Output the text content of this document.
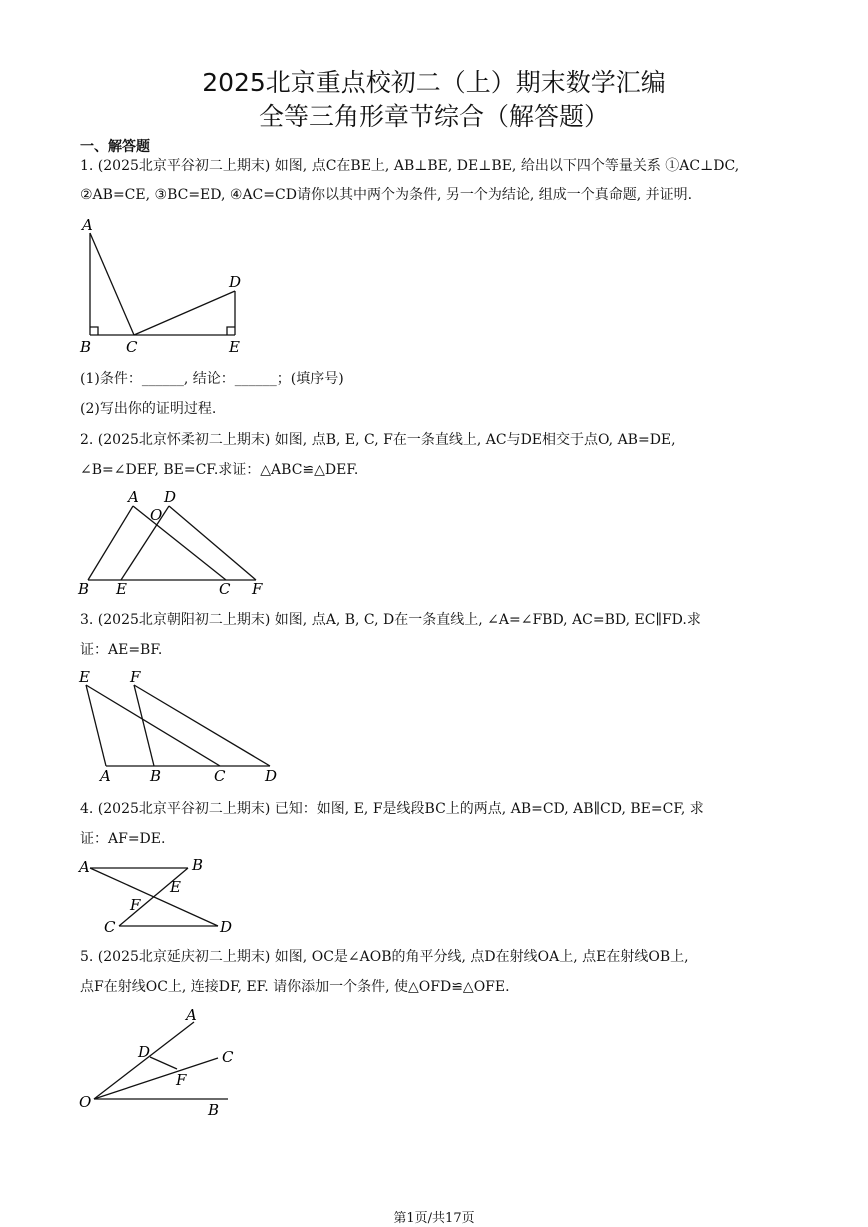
2025北京重点校初二（上）期末数学汇编
全等三角形章节综合（解答题）
一、解答题
1. (2025北京平谷初二上期末) 如图, 点C在BE上, AB⊥BE, DE⊥BE, 给出以下四个等量关系 ①AC⊥DC,
②AB=CE, ③BC=ED, ④AC=CD请你以其中两个为条件, 另一个为结论, 组成一个真命题, 并证明.
A
B C
D
E
(1)条件：______, 结论：______；(填序号)
(2)写出你的证明过程.
2. (2025北京怀柔初二上期末) 如图, 点B, E, C, F在一条直线上, AC与DE相交于点O, AB=DE,
∠B=∠DEF, BE=CF.求证：△ABC≌△DEF.
A D
O
B E	C F
3. (2025北京朝阳初二上期末) 如图, 点A, B, C, D在一条直线上, ∠A=∠FBD, AC=BD, EC∥FD.求
证：AE=BF.
E	F
A	B	C	D
4. (2025北京平谷初二上期末) 已知：如图, E, F是线段BC上的两点, AB=CD, AB∥CD, BE=CF, 求
证：AF=DE.
A	B
E
F
C	D
5. (2025北京延庆初二上期末) 如图, OC是∠AOB的角平分线, 点D在射线OA上, 点E在射线OB上,
点F在射线OC上, 连接DF, EF. 请你添加一个条件, 使△OFD≌△OFE.
A
C
D
F
O	B
第1页/共17页
